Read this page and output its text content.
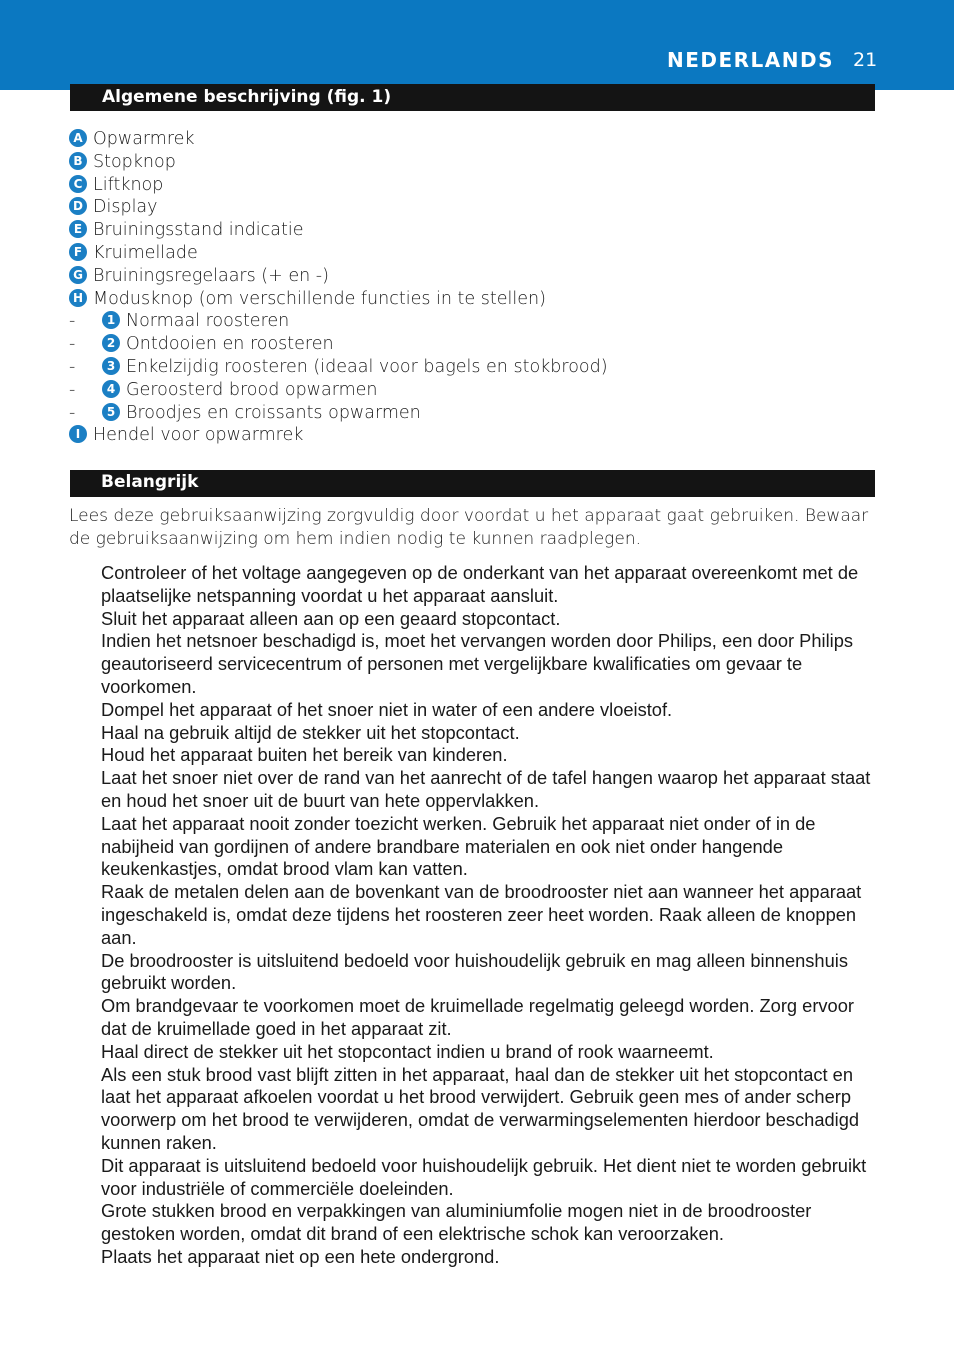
NEDERLANDS 21
Algemene beschrijving (fig. 1)
A Opwarmrek
B Stopknop
C Liftknop
D Display
E Bruiningsstand indicatie
F Kruimellade
G Bruiningsregelaars (+ en -)
H Modusknop (om verschillende functies in te stellen)
-	1 Normaal roosteren
-	2 Ontdooien en roosteren
-	3 Enkelzijdig roosteren (ideaal voor bagels en stokbrood)
-	4 Geroosterd brood opwarmen
-	5 Broodjes en croissants opwarmen
I Hendel voor opwarmrek
Belangrijk

Lees deze gebruiksaanwijzing zorgvuldig door voordat u het apparaat gaat gebruiken. Bewaar de gebruiksaanwijzing om hem indien nodig te kunnen raadplegen.

Controleer of het voltage aangegeven op de onderkant van het apparaat overeenkomt met de plaatselijke netspanning voordat u het apparaat aansluit.
Sluit het apparaat alleen aan op een geaard stopcontact.
Indien het netsnoer beschadigd is, moet het vervangen worden door Philips, een door Philips geautoriseerd servicecentrum of personen met vergelijkbare kwalificaties om gevaar te voorkomen.
Dompel het apparaat of het snoer niet in water of een andere vloeistof.
Haal na gebruik altijd de stekker uit het stopcontact.
Houd het apparaat buiten het bereik van kinderen.
Laat het snoer niet over de rand van het aanrecht of de tafel hangen waarop het apparaat staat en houd het snoer uit de buurt van hete oppervlakken.
Laat het apparaat nooit zonder toezicht werken. Gebruik het apparaat niet onder of in de nabijheid van gordijnen of andere brandbare materialen en ook niet onder hangende keukenkastjes, omdat brood vlam kan vatten.
Raak de metalen delen aan de bovenkant van de broodrooster niet aan wanneer het apparaat ingeschakeld is, omdat deze tijdens het roosteren zeer heet worden. Raak alleen de knoppen aan.
De broodrooster is uitsluitend bedoeld voor huishoudelijk gebruik en mag alleen binnenshuis gebruikt worden.
Om brandgevaar te voorkomen moet de kruimellade regelmatig geleegd worden. Zorg ervoor dat de kruimellade goed in het apparaat zit.
Haal direct de stekker uit het stopcontact indien u brand of rook waarneemt.
Als een stuk brood vast blijft zitten in het apparaat, haal dan de stekker uit het stopcontact en laat het apparaat afkoelen voordat u het brood verwijdert. Gebruik geen mes of ander scherp voorwerp om het brood te verwijderen, omdat de verwarmingselementen hierdoor beschadigd kunnen raken.
Dit apparaat is uitsluitend bedoeld voor huishoudelijk gebruik. Het dient niet te worden gebruikt voor industriële of commerciële doeleinden.
Grote stukken brood en verpakkingen van aluminiumfolie mogen niet in de broodrooster gestoken worden, omdat dit brand of een elektrische schok kan veroorzaken.
Plaats het apparaat niet op een hete ondergrond.
